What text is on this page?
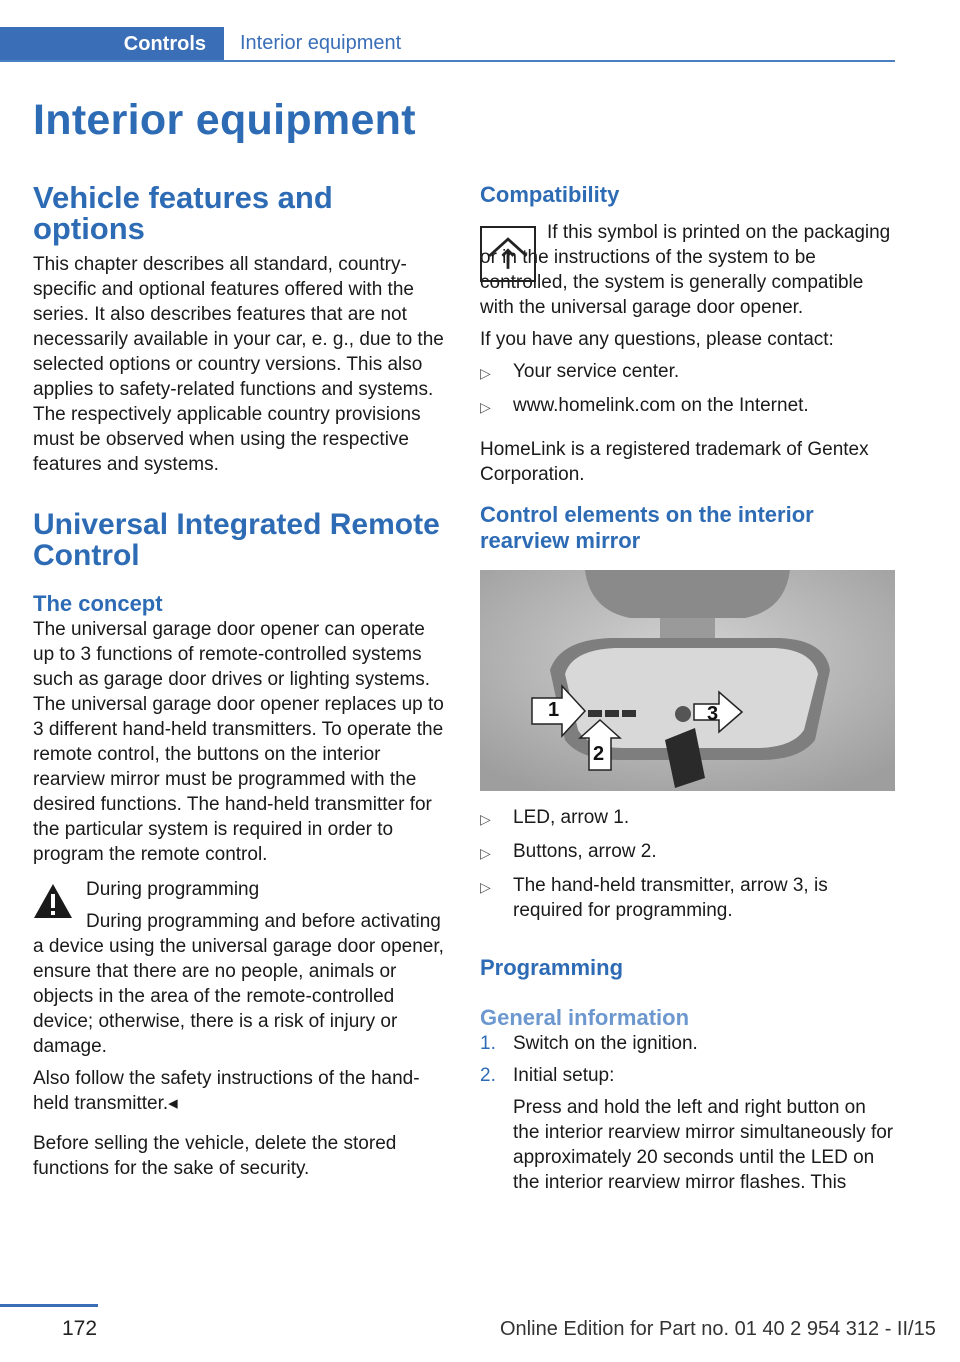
Controls Interior equipment
Interior equipment
Vehicle features and options

This chapter describes all standard, country-specific and optional features offered with the series. It also describes features that are not necessarily available in your car, e. g., due to the selected options or country versions. This also applies to safety-related functions and systems. The respectively applicable country provisions must be observed when using the respective features and systems.

Universal Integrated Remote Control
The concept

The universal garage door opener can operate up to 3 functions of remote-controlled systems such as garage door drives or lighting systems. The universal garage door opener replaces up to 3 different hand-held transmitters. To operate the remote control, the buttons on the interior rearview mirror must be programmed with the desired functions. The hand-held transmitter for the particular system is required in order to program the remote control.

During programming

During programming and before activating a device using the universal garage door opener, ensure that there are no people, animals or objects in the area of the remote-controlled device; otherwise, there is a risk of injury or damage.

Also follow the safety instructions of the hand-held transmitter.◂

Before selling the vehicle, delete the stored functions for the sake of security.

Compatibility

If this symbol is printed on the packaging or in the instructions of the system to be controlled, the system is generally compatible with the universal garage door opener.

If you have any questions, please contact:

▷	Your service center.
▷	www.homelink.com on the Internet.

HomeLink is a registered trademark of Gentex Corporation.

Control elements on the interior rearview mirror
1
2
3
▷	LED, arrow 1.
▷	Buttons, arrow 2.
▷	The hand-held transmitter, arrow 3, is required for programming.
Programming
General information
1. Switch on the ignition.
2. Initial setup:

Press and hold the left and right button on the interior rearview mirror simultaneously for approximately 20 seconds until the LED on the interior rearview mirror flashes. This

172	Online Edition for Part no. 01 40 2 954 312 - II/15
